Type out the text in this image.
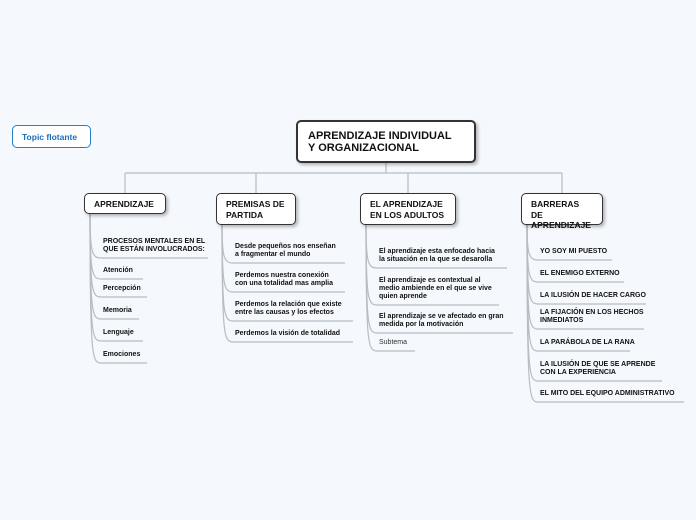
Topic flotante	APRENDIZAJE INDIVIDUAL
Y ORGANIZACIONAL
APRENDIZAJE	PREMISAS DE
PARTIDA
EL APRENDIZAJE
EN LOS ADULTOS
BARRERAS DE
APRENDIZAJE
PROCESOS MENTALES EN EL
QUE ESTÁN INVOLUCRADOS:
Atención
Percepción
Memoria
Lenguaje
Emociones
Desde pequeños nos enseñan
a fragmentar el mundo
Perdemos nuestra conexión
con una totalidad mas amplia
Perdemos la relación que existe
entre las causas y los efectos
Perdemos la visión de totalidad
El aprendizaje esta enfocado hacia
la situación en la que se desarolla
El aprendizaje es contextual al
medio ambiende en el que se vive
quien aprende
El aprendizaje se ve afectado en gran
medida por la motivación
Subtema
YO SOY MI PUESTO
EL ENEMIGO EXTERNO
LA ILUSIÓN DE HACER CARGO
LA FIJACIÓN EN LOS HECHOS
INMEDIATOS
LA PARÁBOLA DE LA RANA
LA ILUSIÓN DE QUE SE APRENDE
CON LA EXPERIENCIA
EL MITO DEL EQUIPO ADMINISTRATIVO
